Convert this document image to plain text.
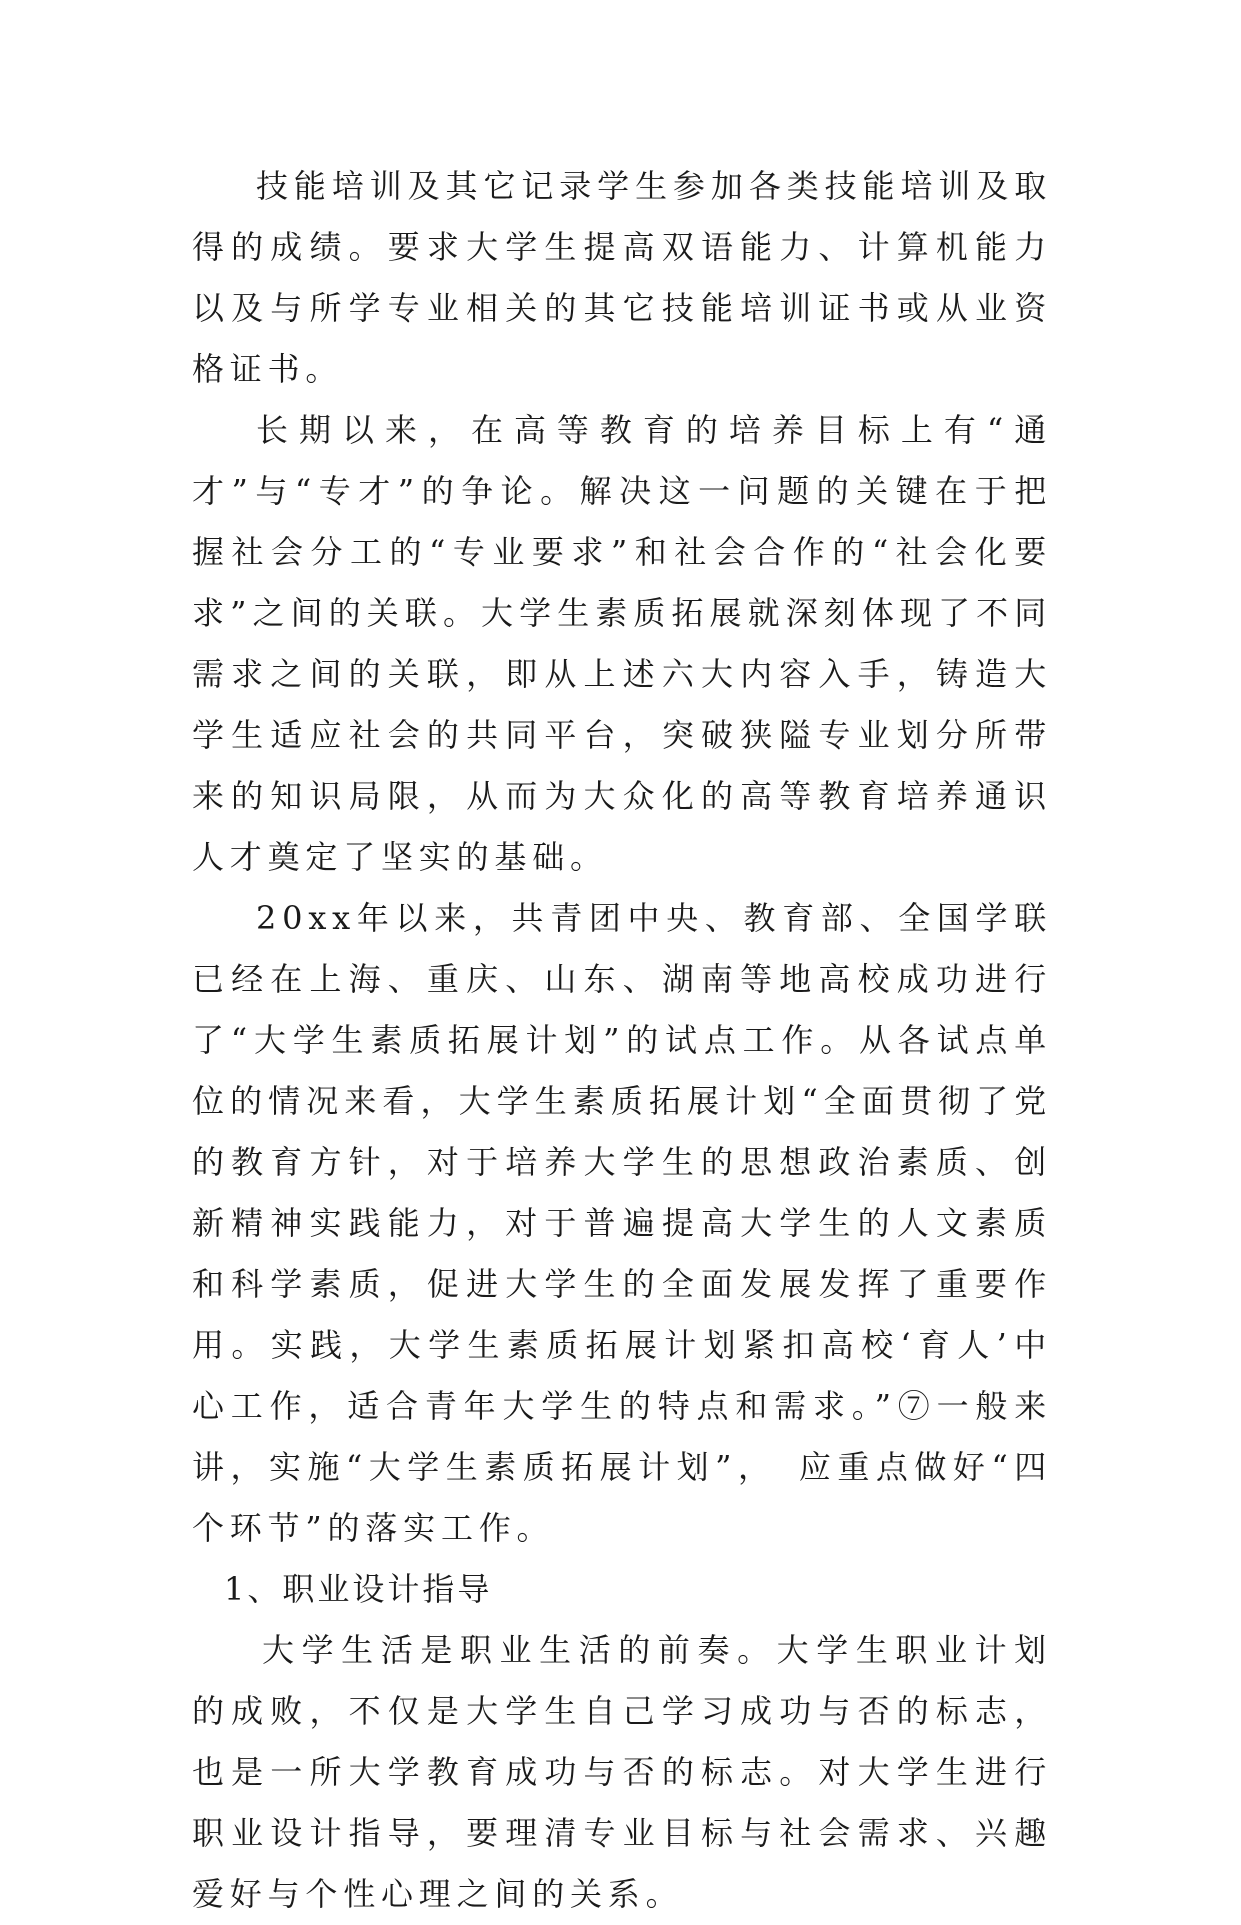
技能培训及其它记录学生参加各类技能培训及取得的成绩。要求大学生提高双语能力、计算机能力以及与所学专业相关的其它技能培训证书或从业资格证书。

长期以来，在高等教育的培养目标上有“通才”与“专才”的争论。解决这一问题的关键在于把握社会分工的“专业要求”和社会合作的“社会化要求”之间的关联。大学生素质拓展就深刻体现了不同需求之间的关联，即从上述六大内容入手，铸造大学生适应社会的共同平台，突破狭隘专业划分所带来的知识局限，从而为大众化的高等教育培养通识人才奠定了坚实的基础。

20xx年以来，共青团中央、教育部、全国学联已经在上海、重庆、山东、湖南等地高校成功进行了“大学生素质拓展计划”的试点工作。从各试点单位的情况来看，大学生素质拓展计划“全面贯彻了党的教育方针，对于培养大学生的思想政治素质、创新精神实践能力，对于普遍提高大学生的人文素质和科学素质，促进大学生的全面发展发挥了重要作用。实践，大学生素质拓展计划紧扣高校‘育人’中心工作，适合青年大学生的特点和需求。”⑦一般来讲，实施“大学生素质拓展计划”，　应重点做好“四个环节”的落实工作。

1、职业设计指导

大学生活是职业生活的前奏。大学生职业计划的成败，不仅是大学生自己学习成功与否的标志，也是一所大学教育成功与否的标志。对大学生进行职业设计指导，要理清专业目标与社会需求、兴趣爱好与个性心理之间的关系。
